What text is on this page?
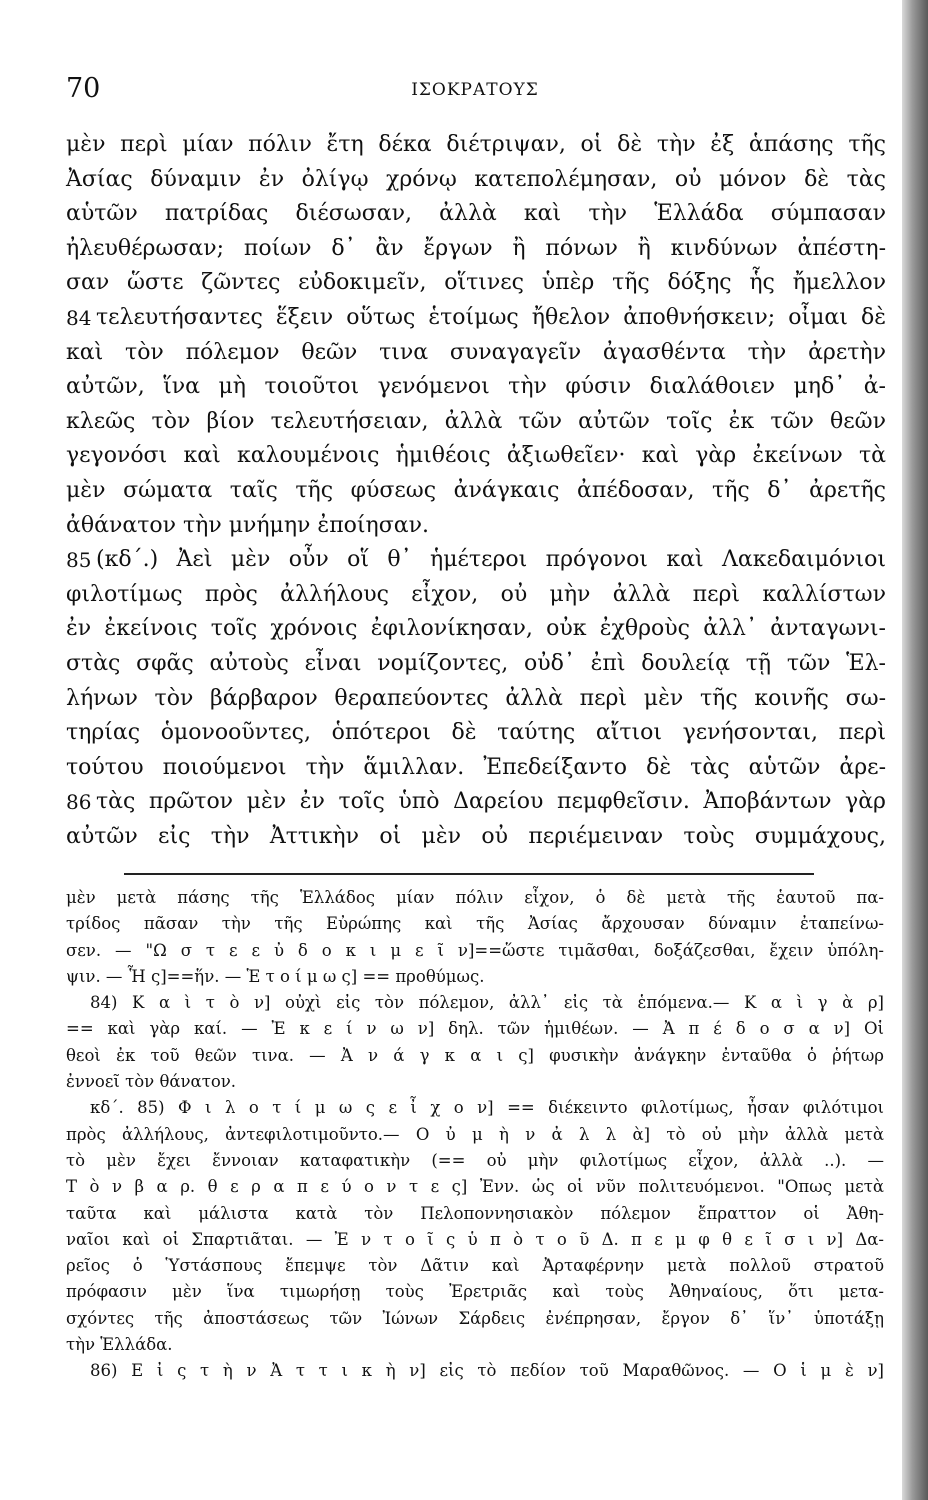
70	ΙΣΟΚΡΑΤΟΥΣ
μὲν περὶ μίαν πόλιν ἔτη δέκα διέτριψαν, οἱ δὲ τὴν ἐξ ἁπάσης τῆς
Ἀσίας δύναμιν ἐν ὀλίγῳ χρόνῳ κατεπολέμησαν, οὐ μόνον δὲ τὰς
αὑτῶν πατρίδας διέσωσαν, ἀλλὰ καὶ τὴν Ἑλλάδα σύμπασαν
ἠλευθέρωσαν; ποίων δ᾽ ἂν ἔργων ἢ πόνων ἢ κινδύνων ἀπέστη-
σαν ὥστε ζῶντες εὐδοκιμεῖν, οἵτινες ὑπὲρ τῆς δόξης ἧς ἤμελλον
84 τελευτήσαντες ἕξειν οὕτως ἑτοίμως ἤθελον ἀποθνήσκειν; οἶμαι δὲ
καὶ τὸν πόλεμον θεῶν τινα συναγαγεῖν ἀγασθέντα τὴν ἀρετὴν
αὐτῶν, ἵνα μὴ τοιοῦτοι γενόμενοι τὴν φύσιν διαλάθοιεν μηδ᾽ ἀ-
κλεῶς τὸν βίον τελευτήσειαν, ἀλλὰ τῶν αὐτῶν τοῖς ἐκ τῶν θεῶν
γεγονόσι καὶ καλουμένοις ἡμιθέοις ἀξιωθεῖεν· καὶ γὰρ ἐκείνων τὰ
μὲν σώματα ταῖς τῆς φύσεως ἀνάγκαις ἀπέδοσαν, τῆς δ᾽ ἀρετῆς
ἀθάνατον τὴν μνήμην ἐποίησαν.
85 (κδ΄.) Ἀεὶ μὲν οὖν οἵ θ᾽ ἡμέτεροι πρόγονοι καὶ Λακεδαιμόνιοι
φιλοτίμως πρὸς ἀλλήλους εἶχον, οὐ μὴν ἀλλὰ περὶ καλλίστων
ἐν ἐκείνοις τοῖς χρόνοις ἐφιλονίκησαν, οὐκ ἐχθροὺς ἀλλ᾽ ἀνταγωνι-
στὰς σφᾶς αὐτοὺς εἶναι νομίζοντες, οὐδ᾽ ἐπὶ δουλείᾳ τῇ τῶν Ἑλ-
λήνων τὸν βάρβαρον θεραπεύοντες ἀλλὰ περὶ μὲν τῆς κοινῆς σω-
τηρίας ὁμονοοῦντες, ὁπότεροι δὲ ταύτης αἴτιοι γενήσονται, περὶ
τούτου ποιούμενοι τὴν ἅμιλλαν. Ἐπεδείξαντο δὲ τὰς αὑτῶν ἀρε-
86 τὰς πρῶτον μὲν ἐν τοῖς ὑπὸ Δαρείου πεμφθεῖσιν. Ἀποβάντων γὰρ
αὐτῶν εἰς τὴν Ἀττικὴν οἱ μὲν οὐ περιέμειναν τοὺς συμμάχους,
μὲν μετὰ πάσης τῆς Ἑλλάδος μίαν πόλιν εἶχον, ὁ δὲ μετὰ τῆς ἑαυτοῦ πα-
τρίδος πᾶσαν τὴν τῆς Εὐρώπης καὶ τῆς Ἀσίας ἄρχουσαν δύναμιν ἐταπείνω-
σεν. — "Ω σ τ ε ε ὐ δ ο κ ι μ ε ῖ ν]==ὥστε τιμᾶσθαι, δοξάζεσθαι, ἔχειν ὑπόλη-
ψιν. — Ἧ ς]==ἥν. — Ἑ τ ο ί μ ω ς] == προθύμως.
84) Κ α ὶ τ ὸ ν] οὐχὶ εἰς τὸν πόλεμον, ἀλλ᾽ εἰς τὰ ἑπόμενα.— Κ α ὶ γ ὰ ρ]
== καὶ γὰρ καί. — Ἐ κ ε ί ν ω ν] δηλ. τῶν ἡμιθέων. — Ἀ π έ δ ο σ α ν] Οἱ
θεοὶ ἐκ τοῦ θεῶν τινα. — Ἀ ν ά γ κ α ι ς] φυσικὴν ἀνάγκην ἐνταῦθα ὁ ῥήτωρ
ἐννοεῖ τὸν θάνατον.
κδ΄. 85) Φ ι λ ο τ ί μ ω ς ε ἶ χ ο ν] == διέκειντο φιλοτίμως, ἦσαν φιλότιμοι
πρὸς ἀλλήλους, ἀντεφιλοτιμοῦντο.— Ο ὐ μ ὴ ν ἀ λ λ ὰ] τὸ οὐ μὴν ἀλλὰ μετὰ
τὸ μὲν ἔχει ἔννοιαν καταφατικὴν (== οὐ μὴν φιλοτίμως εἶχον, ἀλλὰ ..). —
Τ ὸ ν β α ρ. θ ε ρ α π ε ύ ο ν τ ε ς] Ἐνν. ὡς οἱ νῦν πολιτευόμενοι. "Οπως μετὰ
ταῦτα καὶ μάλιστα κατὰ τὸν Πελοποννησιακὸν πόλεμον ἔπραττον οἱ Ἀθη-
ναῖοι καὶ οἱ Σπαρτιᾶται. — Ἐ ν τ ο ῖ ς ὑ π ὸ τ ο ῦ Δ. π ε μ φ θ ε ῖ σ ι ν] Δα-
ρεῖος ὁ Ὑστάσπους ἔπεμψε τὸν Δᾶτιν καὶ Ἀρταφέρνην μετὰ πολλοῦ στρατοῦ
πρόφασιν μὲν ἵνα τιμωρήσῃ τοὺς Ἐρετριᾶς καὶ τοὺς Ἀθηναίους, ὅτι μετα-
σχόντες τῆς ἀποστάσεως τῶν Ἰώνων Σάρδεις ἐνέπρησαν, ἔργον δ᾽ ἵν᾽ ὑποτάξῃ
τὴν Ἑλλάδα.
86) Ε ἰ ς τ ὴ ν Ἀ τ τ ι κ ὴ ν] εἰς τὸ πεδίον τοῦ Μαραθῶνος. — Ο ἱ μ ὲ ν]
